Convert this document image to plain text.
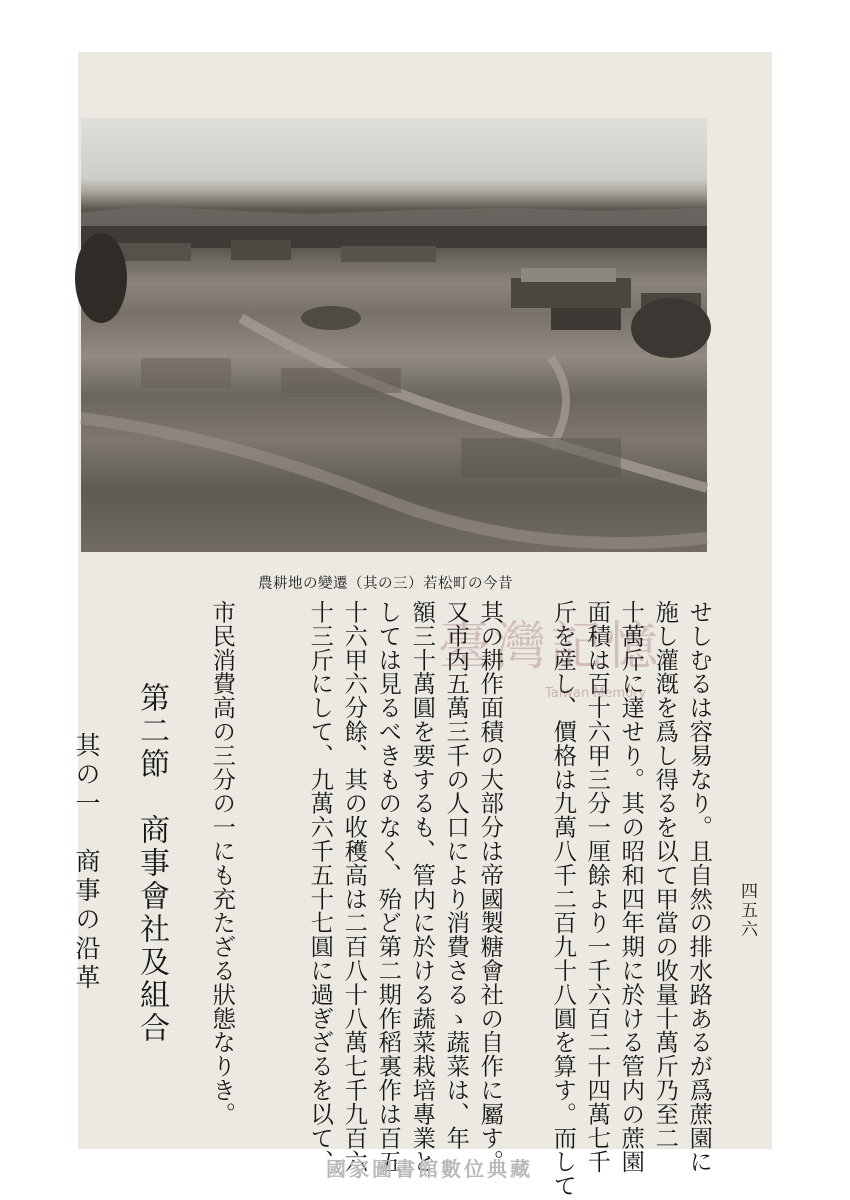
農耕地の變遷（其の三）若松町の今昔
臺灣記憶
Taiwan Memory せしむるは容易なり。且自然の排水路あるが爲蔗園に
施し灌漑を爲し得るを以て甲當の收量十萬斤乃至二
十萬斤に達せり。其の昭和四年期に於ける管内の蔗園
面積は百十六甲三分一厘餘より一千六百二十四萬七千
斤を産し、價格は九萬八千二百九十八圓を算す。而して
其の耕作面積の大部分は帝國製糖會社の自作に屬す。
又市内五萬三千の人口により消費さるゝ蔬菜は、年
額三十萬圓を要するも、管内に於ける蔬菜栽培專業と
しては見るべきものなく、殆ど第二期作稻裏作は百五
十六甲六分餘、其の收穫高は二百八十八萬七千九百六
十三斤にして、九萬六千五十七圓に過ぎざるを以て、
市民消費高の三分の一にも充たざる狀態なりき。
第二節　商事會社及組合
其の一　商事の沿革	四五六
國家圖書館數位典藏
